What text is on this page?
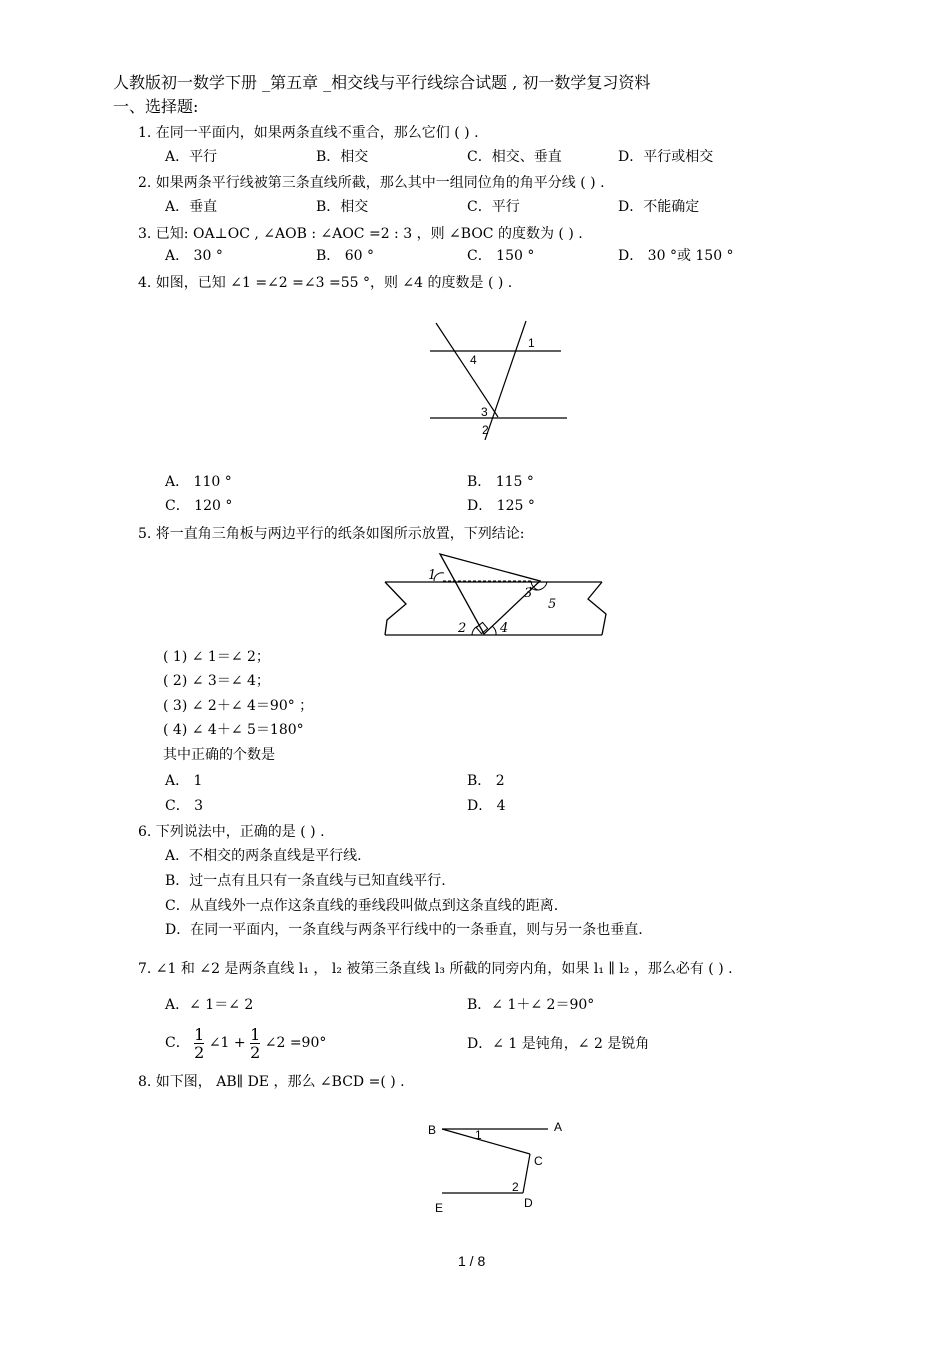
人教版初一数学下册 _第五章 _相交线与平行线综合试题 , 初一数学复习资料
一、选择题:
1. 在同一平面内，如果两条直线不重合，那么它们 ( ) .
A．平行	B．相交	C．相交、垂直	D．平行或相交
2. 如果两条平行线被第三条直线所截，那么其中一组同位角的角平分线 ( ) .
A．垂直	B．相交	C．平行	D．不能确定
3. 已知: OA⊥OC , ∠AOB : ∠AOC =2 : 3 ，则 ∠BOC 的度数为 ( ) .
A． 30 °	B． 60 °	C． 150 °	D． 30 °或 150 °
4. 如图，已知 ∠1 =∠2 =∠3 =55 °，则 ∠4 的度数是 ( ) .
1
4
3
2
A． 110 °	B． 115 °
C． 120 °	D． 125 °
5. 将一直角三角板与两边平行的纸条如图所示放置，下列结论:
1
3
5
2	4
( 1) ∠ 1＝∠ 2；
( 2) ∠ 3＝∠ 4；
( 3) ∠ 2＋∠ 4＝90° ；
( 4) ∠ 4＋∠ 5＝180°
其中正确的个数是
A． 1	B． 2
C． 3	D． 4
6. 下列说法中，正确的是 ( ) .
A．不相交的两条直线是平行线.
B．过一点有且只有一条直线与已知直线平行.
C．从直线外一点作这条直线的垂线段叫做点到这条直线的距离.
D．在同一平面内，一条直线与两条平行线中的一条垂直，则与另一条也垂直.
7. ∠1 和 ∠2 是两条直线 l₁ ， l₂ 被第三条直线 l₃ 所截的同旁内角，如果 l₁ ∥ l₂ ，那么必有 ( ) .
A．∠ 1＝∠ 2	B．∠ 1＋∠ 2＝90°
C． $\frac{1}{2}$ ∠1 + $\frac{1}{2}$ ∠2 =90°	D．∠ 1 是钝角，∠ 2 是锐角
8. 如下图， AB∥ DE ，那么 ∠BCD =( ) .
B	A
1
C
2
D
E
1 / 8
